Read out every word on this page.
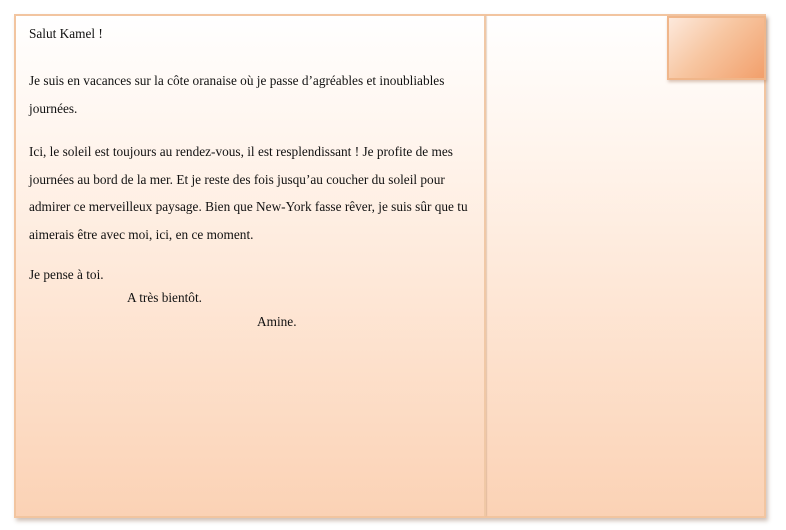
Salut Kamel !

Je suis en vacances sur la côte oranaise où je passe d’agréables et inoubliables journées.

Ici, le soleil est toujours au rendez-vous, il est resplendissant ! Je profite de mes journées au bord de la mer. Et je reste des fois jusqu’au coucher du soleil pour admirer ce merveilleux paysage. Bien que New-York fasse rêver, je suis sûr que tu aimerais être avec moi, ici, en ce moment.

Je pense à toi.

A très bientôt.

Amine.
